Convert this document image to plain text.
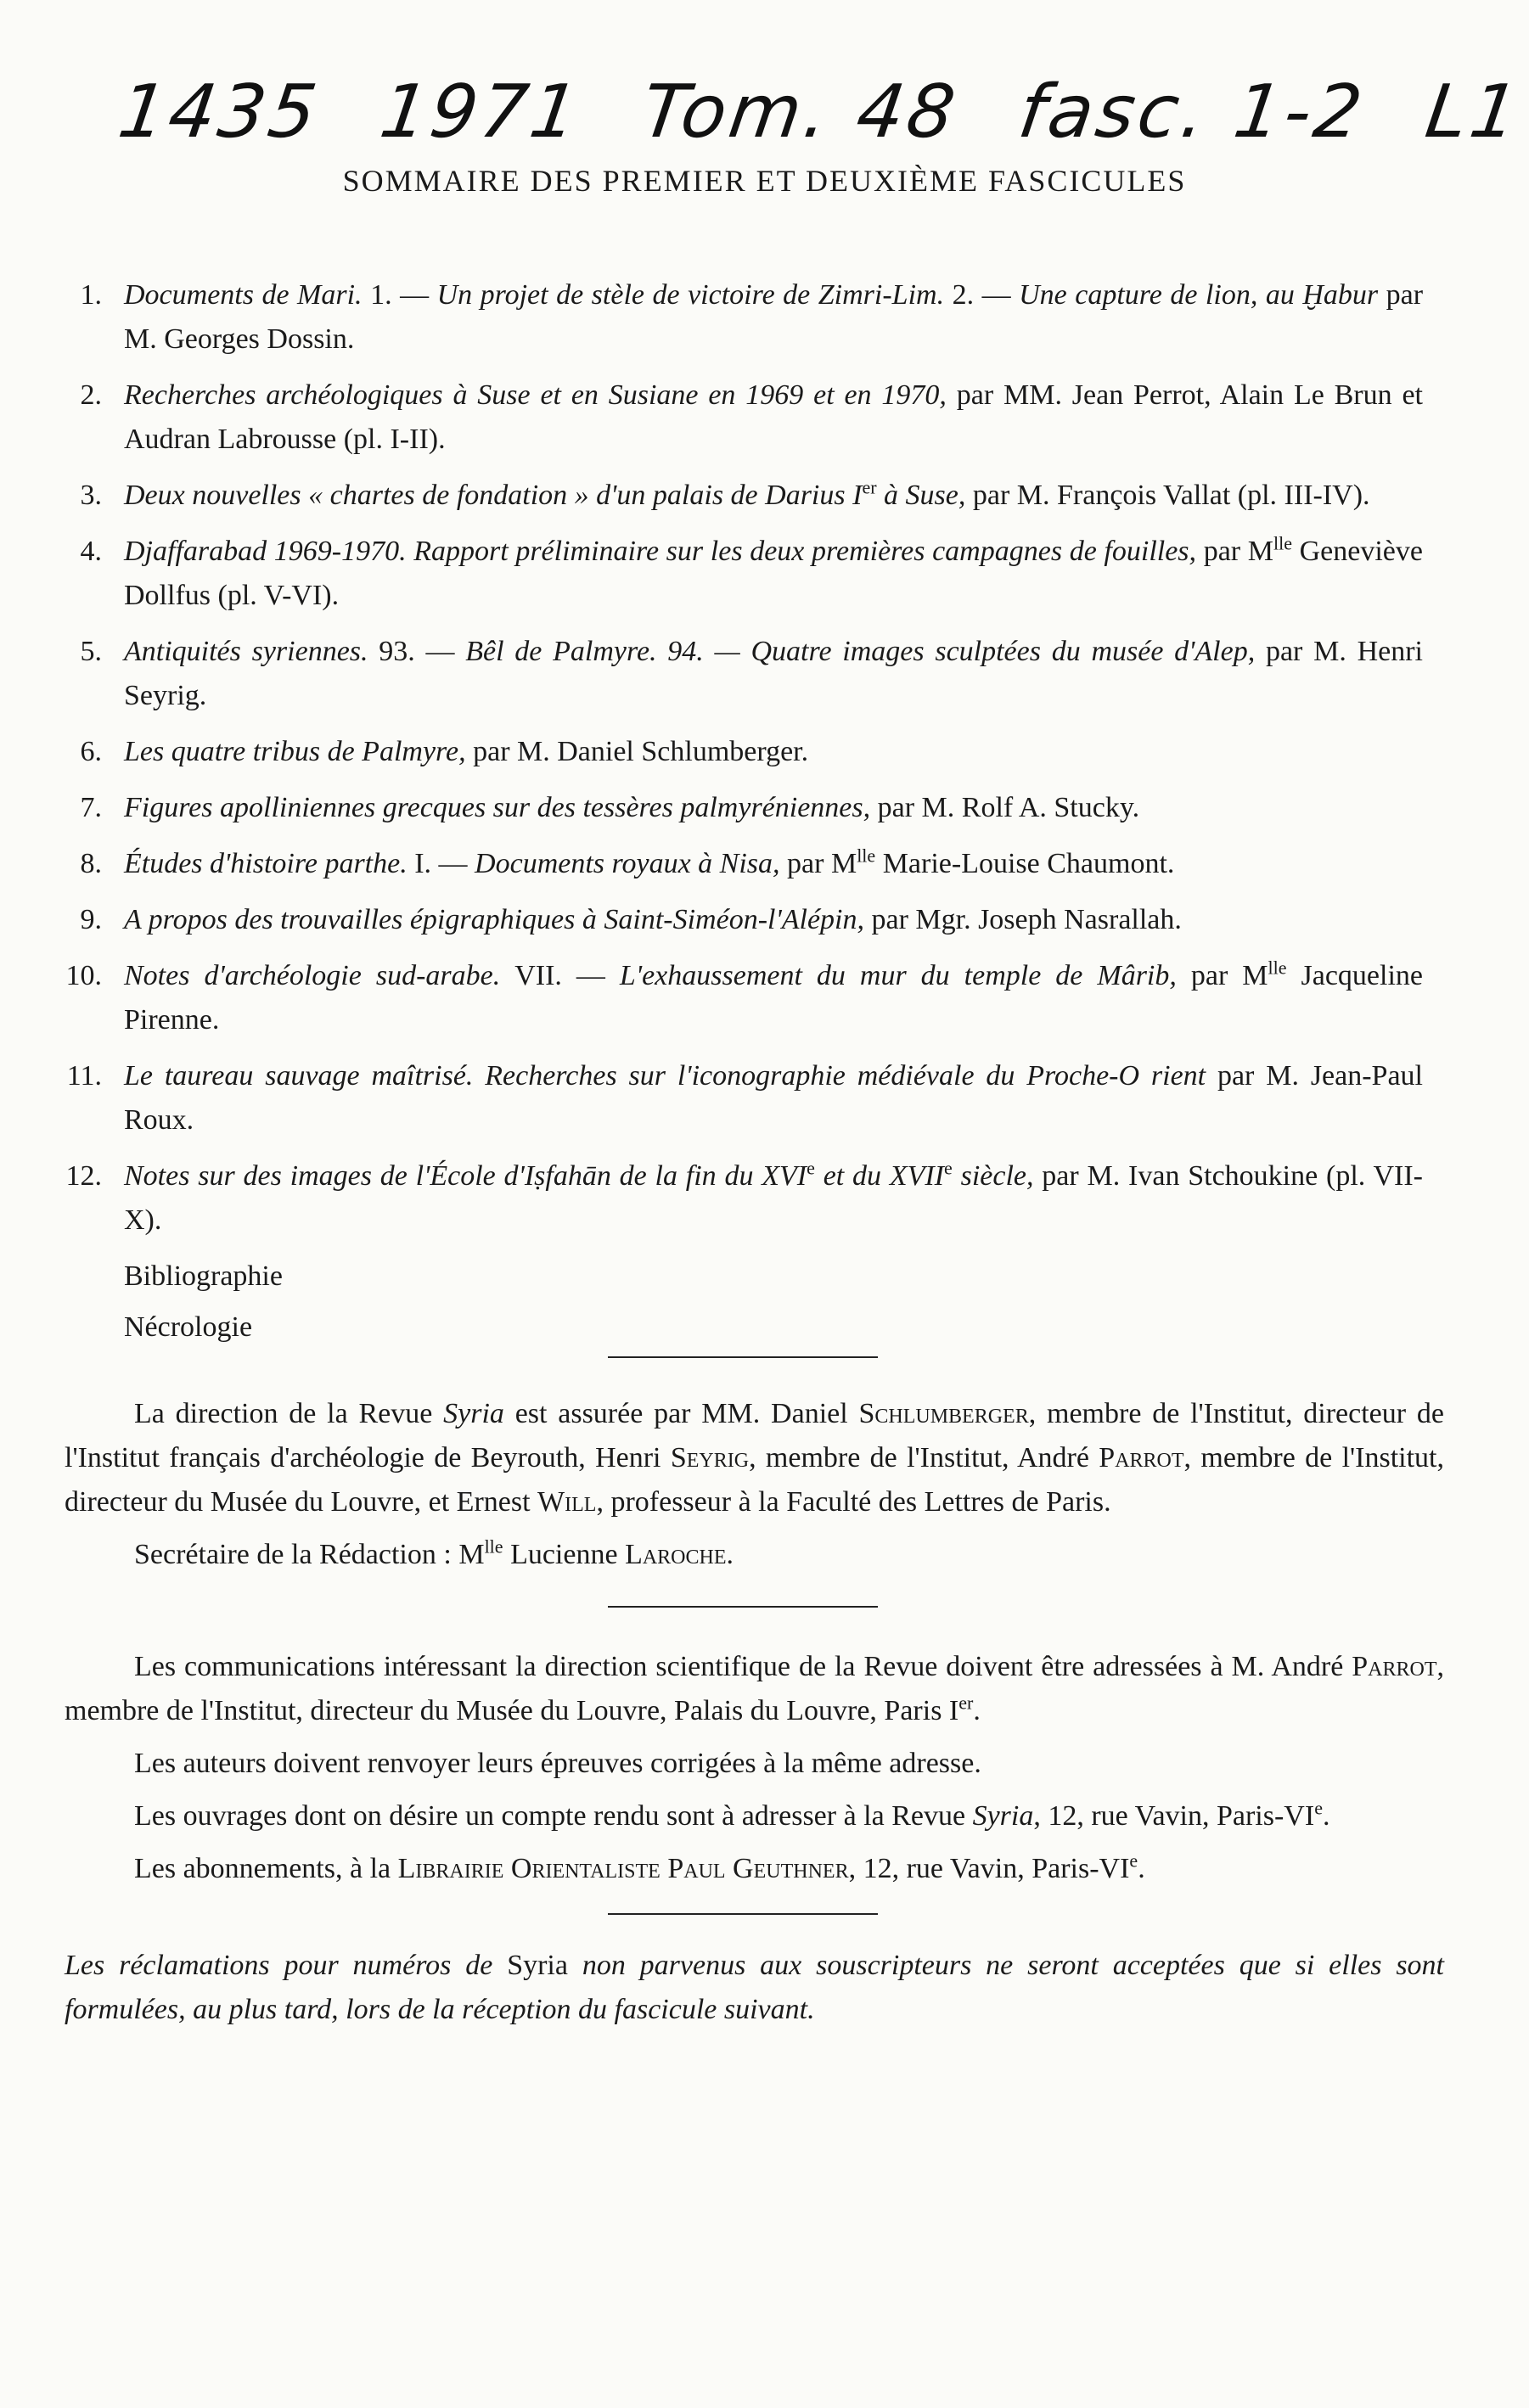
1435 1971 Tom. 48 fasc. 1-2 L1
SOMMAIRE DES PREMIER ET DEUXIÈME FASCICULES
1. Documents de Mari. 1. — Un projet de stèle de victoire de Zimri-Lim. 2. — Une capture de lion, au Ḫabur par M. Georges Dossin.
2. Recherches archéologiques à Suse et en Susiane en 1969 et en 1970, par MM. Jean Perrot, Alain Le Brun et Audran Labrousse (pl. I-II).
3. Deux nouvelles « chartes de fondation » d'un palais de Darius Ier à Suse, par M. François Vallat (pl. III-IV).
4. Djaffarabad 1969-1970. Rapport préliminaire sur les deux premières campagnes de fouilles, par $M^{lle}$ Geneviève Dollfus (pl. V-VI).
5. Antiquités syriennes. 93. — Bêl de Palmyre. 94. — Quatre images sculptées du musée d'Alep, par M. Henri Seyrig.
6. Les quatre tribus de Palmyre, par M. Daniel Schlumberger.
7. Figures apolliniennes grecques sur des tessères palmyréniennes, par M. Rolf A. Stucky.
8. Études d'histoire parthe. I. — Documents royaux à Nisa, par $M^{lle}$ Marie-Louise Chaumont.
9. A propos des trouvailles épigraphiques à Saint-Siméon-l'Alépin, par Mgr. Joseph Nasrallah.
10. Notes d'archéologie sud-arabe. VII. — L'exhaussement du mur du temple de Mârib, par $M^{lle}$ Jacqueline Pirenne.
11. Le taureau sauvage maîtrisé. Recherches sur l'iconographie médiévale du Proche-O rient par M. Jean-Paul Roux.
12. Notes sur des images de l'École d'Iṣfahān de la fin du XVIe et du XVIIe siècle, par M. Ivan Stchoukine (pl. VII-X).
Bibliographie
Nécrologie
La direction de la Revue Syria est assurée par MM. Daniel Schlumberger, membre de l'Institut, directeur de l'Institut français d'archéologie de Beyrouth, Henri Seyrig, membre de l'Institut, André Parrot, membre de l'Institut, directeur du Musée du Louvre, et Ernest Will, professeur à la Faculté des Lettres de Paris.
Secrétaire de la Rédaction : $M^{lle}$ Lucienne Laroche.
Les communications intéressant la direction scientifique de la Revue doivent être adressées à M. André Parrot, membre de l'Institut, directeur du Musée du Louvre, Palais du Louvre, Paris Ier.
Les auteurs doivent renvoyer leurs épreuves corrigées à la même adresse.
Les ouvrages dont on désire un compte rendu sont à adresser à la Revue Syria, 12, rue Vavin, Paris-VIe.
Les abonnements, à la Librairie Orientaliste Paul Geuthner, 12, rue Vavin, Paris-VIe.
Les réclamations pour numéros de Syria non parvenus aux souscripteurs ne seront acceptées que si elles sont formulées, au plus tard, lors de la réception du fascicule suivant.
